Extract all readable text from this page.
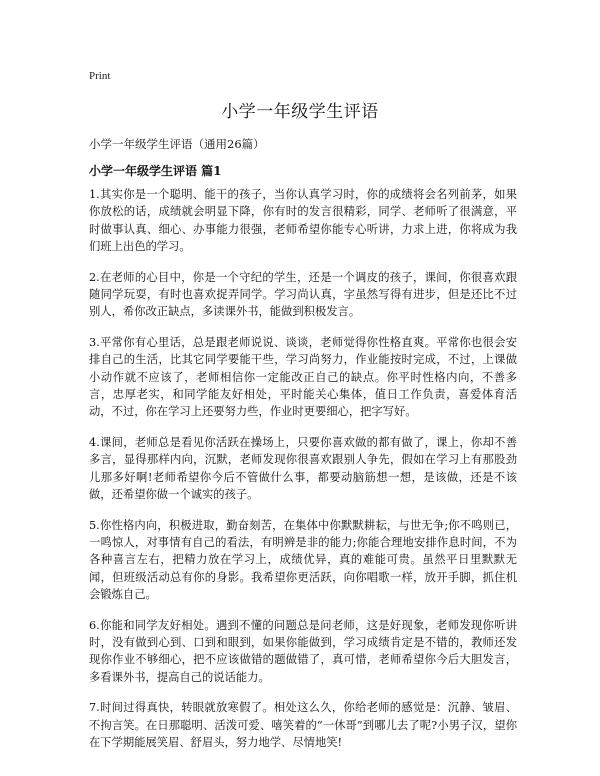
Print
小学一年级学生评语

小学一年级学生评语（通用26篇）

小学一年级学生评语 篇1

1.其实你是一个聪明、能干的孩子，当你认真学习时，你的成绩将会名列前茅，如果你放松的话，成绩就会明显下降，你有时的发言很精彩，同学、老师听了很满意，平时做事认真、细心、办事能力很强，老师希望你能专心听讲，力求上进，你将成为我们班上出色的学习。

2.在老师的心目中，你是一个守纪的学生，还是一个调皮的孩子，课间，你很喜欢跟随同学玩耍，有时也喜欢捉弄同学。学习尚认真，字虽然写得有进步，但是还比不过别人，希你改正缺点，多读课外书，能做到积极发言。

3.平常你有心里话，总是跟老师说说、谈谈，老师觉得你性格直爽。平常你也很会安排自己的生活，比其它同学要能干些，学习尚努力，作业能按时完成，不过，上课做小动作就不应该了，老师相信你一定能改正自己的缺点。你平时性格内向，不善多言，忠厚老实，和同学能友好相处，平时能关心集体，值日工作负责，喜爱体育活动，不过，你在学习上还要努力些，作业时更要细心，把字写好。

4.课间，老师总是看见你活跃在操场上，只要你喜欢做的都有做了，课上，你却不善多言，显得那样内向，沉默，老师发现你很喜欢跟别人争先，假如在学习上有那股劲儿那多好啊!老师希望你今后不管做什么事，都要动脑筋想一想，是该做，还是不该做，还希望你做一个诚实的孩子。

5.你性格内向，积极进取，勤奋刻苦，在集体中你默默耕耘，与世无争;你不鸣则已，一鸣惊人，对事情有自己的看法，有明辨是非的能力;你能合理地安排作息时间，不为各种喜言左右，把精力放在学习上，成绩优异，真的难能可贵。虽然平日里默默无闻，但班级活动总有你的身影。我希望你更活跃，向你唱歌一样，放开手脚，抓住机会锻炼自己。

6.你能和同学友好相处。遇到不懂的问题总是问老师，这是好现象，老师发现你听讲时，没有做到心到、口到和眼到，如果你能做到，学习成绩肯定是不错的，教师还发现你作业不够细心，把不应该做错的题做错了，真可惜，老师希望你今后大胆发言，多看课外书，提高自己的说话能力。

7.时间过得真快，转眼就放寒假了。相处这么久，你给老师的感觉是：沉静、皱眉、不拘言笑。在日那聪明、活泼可爱、嘻笑着的“一休哥”到哪儿去了呢?小男子汉，望你在下学期能展笑眉、舒眉头，努力地学、尽情地笑!
